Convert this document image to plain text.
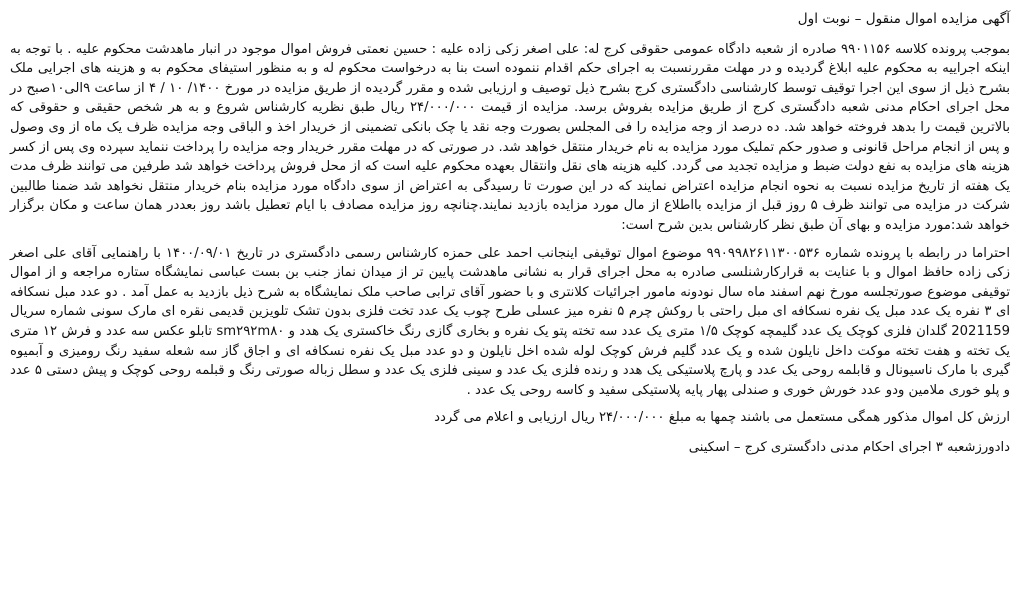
آگهی مزایده اموال منقول – نوبت اول
بموجب پرونده کلاسه ۹۹۰۱۱۵۶ صادره از شعبه دادگاه عمومی حقوقی کرج له: علی اصغر زکی زاده علیه : حسین نعمتی فروش اموال موجود در انبار ماهدشت محکوم علیه . با توجه به اینکه اجراییه به محکوم علیه ابلاغ گردیده و در مهلت مقررنسبت به اجرای حکم اقدام ننموده است بنا به درخواست محکوم له و به منظور استیفای محکوم به و هزینه های اجرایی ملک بشرح ذیل از سوی این اجرا توقیف توسط کارشناسی دادگستری کرج بشرح ذیل توصیف و ارزیابی شده و مقرر گردیده از طریق مزایده در مورخ ۱۴۰۰/ ۱۰ / ۴ از ساعت ۹الی۱۰صبح در محل اجرای احکام مدنی شعبه دادگستری کرج از طریق مزایده بفروش برسد. مزایده از قیمت ۲۴/۰۰۰/۰۰۰ ریال طبق نظریه کارشناس شروع و به هر شخص حقیقی و حقوقی که بالاترین قیمت را بدهد فروخته خواهد شد. ده درصد از وجه مزایده را فی المجلس بصورت وجه نقد یا چک بانکی تضمینی از خریدار اخذ و الباقی وجه مزایده ظرف یک ماه از وی وصول و پس از انجام مراحل قانونی و صدور حکم تملیک مورد مزایده به نام خریدار منتقل خواهد شد. در صورتی که در مهلت مقرر خریدار وجه مزایده را پرداخت ننماید سپرده وی پس از کسر هزینه های مزایده به نفع دولت ضبط و مزایده تجدید می گردد. کلیه هزینه های نقل وانتقال بعهده محکوم علیه است که از محل فروش پرداخت خواهد شد طرفین می توانند ظرف مدت یک هفته از تاریخ مزایده نسبت به نحوه انجام مزایده اعتراض نمایند که در این صورت تا رسیدگی به اعتراض از سوی دادگاه مورد مزایده بنام خریدار منتقل نخواهد شد ضمنا طالبین شرکت در مزایده می توانند ظرف ۵ روز قبل از مزایده بااطلاع از مال مورد مزایده بازدید نمایند.چنانچه روز مزایده مصادف با ایام تعطیل باشد روز بعددر همان ساعت و مکان برگزار خواهد شد:مورد مزایده و بهای آن طبق نظر کارشناس بدین شرح است:
احتراما در رابطه با پرونده شماره ۹۹۰۹۹۸۲۶۱۱۳۰۰۵۳۶ موضوع اموال توقیفی اینجانب احمد علی حمزه کارشناس رسمی دادگستری در تاریخ ۱۴۰۰/۰۹/۰۱ با راهنمایی آقای علی اصغر زکی زاده حافظ اموال و با عنایت به قرارکارشنلسی صادره به محل اجرای قرار به نشانی ماهدشت پایین تر از میدان نماز جنب بن بست عباسی نمایشگاه ستاره مراجعه و از اموال توقیفی موضوع صورتجلسه مورخ نهم اسفند ماه سال نودونه مامور اجرائیات کلانتری و با حضور آقای ترابی صاحب ملک نمایشگاه به شرح ذیل بازدید به عمل آمد . دو عدد مبل نسکافه ای ۳ نفره یک عدد مبل یک نفره نسکافه ای مبل راحتی با روکش چرم ۵ نفره میز عسلی طرح چوب یک عدد تخت فلزی بدون تشک تلویزین قدیمی نقره ای مارک سونی شماره سریال 2021159 گلدان فلزی کوچک یک عدد گلیمچه کوچک ۱/۵ متری یک عدد سه تخته پتو یک نفره و بخاری گازی رنگ خاکستری یک هدد و sm۲۹۲m۸۰ تابلو عکس سه عدد و فرش ۱۲ متری یک تخته و هفت تخته موکت داخل نایلون شده و یک عدد گلیم فرش کوچک لوله شده اخل نایلون و دو عدد مبل یک نفره نسکافه ای و اجاق گاز سه شعله سفید رنگ رومیزی و آبمیوه گیری با مارک ناسیونال و قابلمه روحی یک عدد و پارچ پلاستیکی یک هدد و رنده فلزی یک عدد و سینی فلزی یک عدد و سطل زباله صورتی رنگ و قبلمه روحی کوچک و پیش دستی ۵ عدد و پلو خوری ملامین ودو عدد خورش خوری و صندلی پهار پایه پلاستیکی سفید و کاسه روحی یک عدد .
ارزش کل اموال مذکور همگی مستعمل می باشند چمها به مبلغ ۲۴/۰۰۰/۰۰۰ ریال ارزیابی و اعلام می گردد
دادورزشعبه ۳ اجرای احکام مدنی دادگستری کرج – اسکینی
